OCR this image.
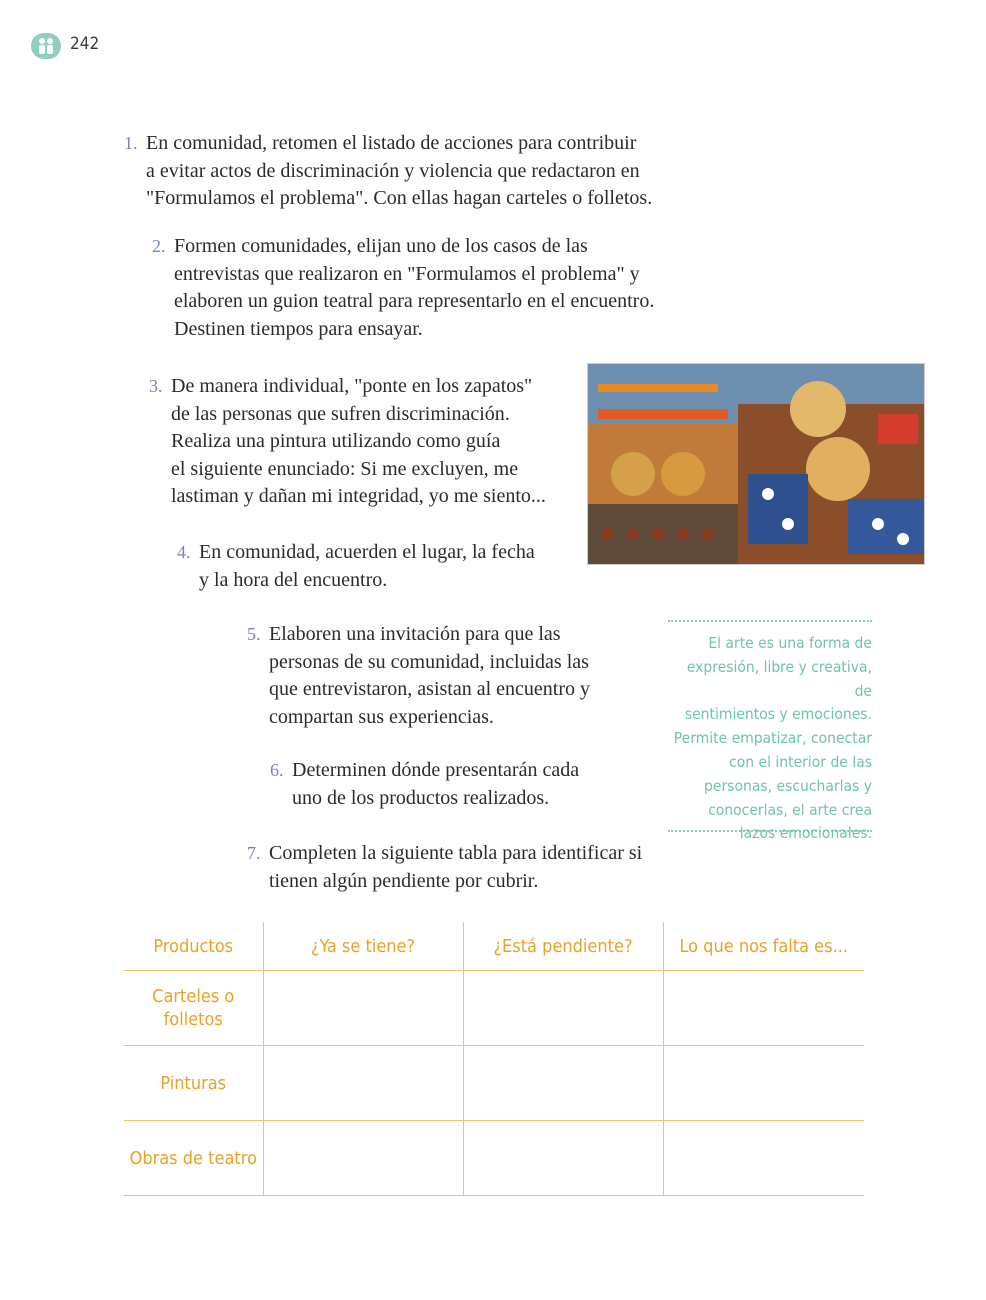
242
1. En comunidad, retomen el listado de acciones para contribuir
a evitar actos de discriminación y violencia que redactaron en
"Formulamos el problema". Con ellas hagan carteles o folletos.
2. Formen comunidades, elijan uno de los casos de las
entrevistas que realizaron en "Formulamos el problema" y
elaboren un guion teatral para representarlo en el encuentro.
Destinen tiempos para ensayar.
3. De manera individual, "ponte en los zapatos"
de las personas que sufren discriminación.
Realiza una pintura utilizando como guía
el siguiente enunciado: Si me excluyen, me
lastiman y dañan mi integridad, yo me siento...
4. En comunidad, acuerden el lugar, la fecha
y la hora del encuentro.
5. Elaboren una invitación para que las
personas de su comunidad, incluidas las
que entrevistaron, asistan al encuentro y
compartan sus experiencias.
6. Determinen dónde presentarán cada
uno de los productos realizados.
7. Completen la siguiente tabla para identificar si
tienen algún pendiente por cubrir.

El arte es una forma de
expresión, libre y creativa, de
sentimientos y emociones.
Permite empatizar, conectar
con el interior de las
personas, escucharlas y
conocerlas, el arte crea
lazos emocionales.

Productos	¿Ya se tiene?	¿Está pendiente?	Lo que nos falta es...
Carteles o
folletos			
Pinturas			
Obras de teatro			
